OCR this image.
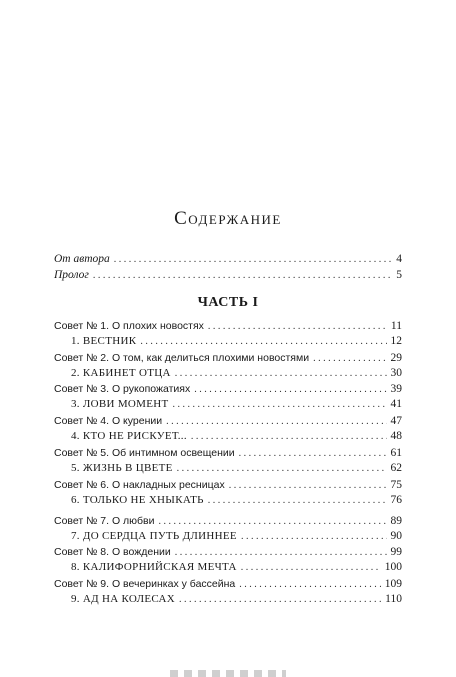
Содержание
От автора . . .	4
Пролог . . .	5
ЧАСТЬ I
Совет № 1. О плохих новостях . . .	11
1. ВЕСТНИК . . .	12
Совет № 2. О том, как делиться плохими новостями . . .	29
2. КАБИНЕТ ОТЦА . . .	30
Совет № 3. О рукопожатиях . . .	39
3. ЛОВИ МОМЕНТ . . .	41
Совет № 4. О курении . . .	47
4. КТО НЕ РИСКУЕТ... . . .	48
Совет № 5. Об интимном освещении . . .	61
5. ЖИЗНЬ В ЦВЕТЕ . . .	62
Совет № 6. О накладных ресницах . . .	75
6. ТОЛЬКО НЕ ХНЫКАТЬ . . .	76
Совет № 7. О любви . . .	89
7. ДО СЕРДЦА ПУТЬ ДЛИННЕЕ . . .	90
Совет № 8. О вождении . . .	99
8. КАЛИФОРНИЙСКАЯ МЕЧТА . . .	100
Совет № 9. О вечеринках у бассейна . . .	109
9. АД НА КОЛЕСАХ . . .	110
